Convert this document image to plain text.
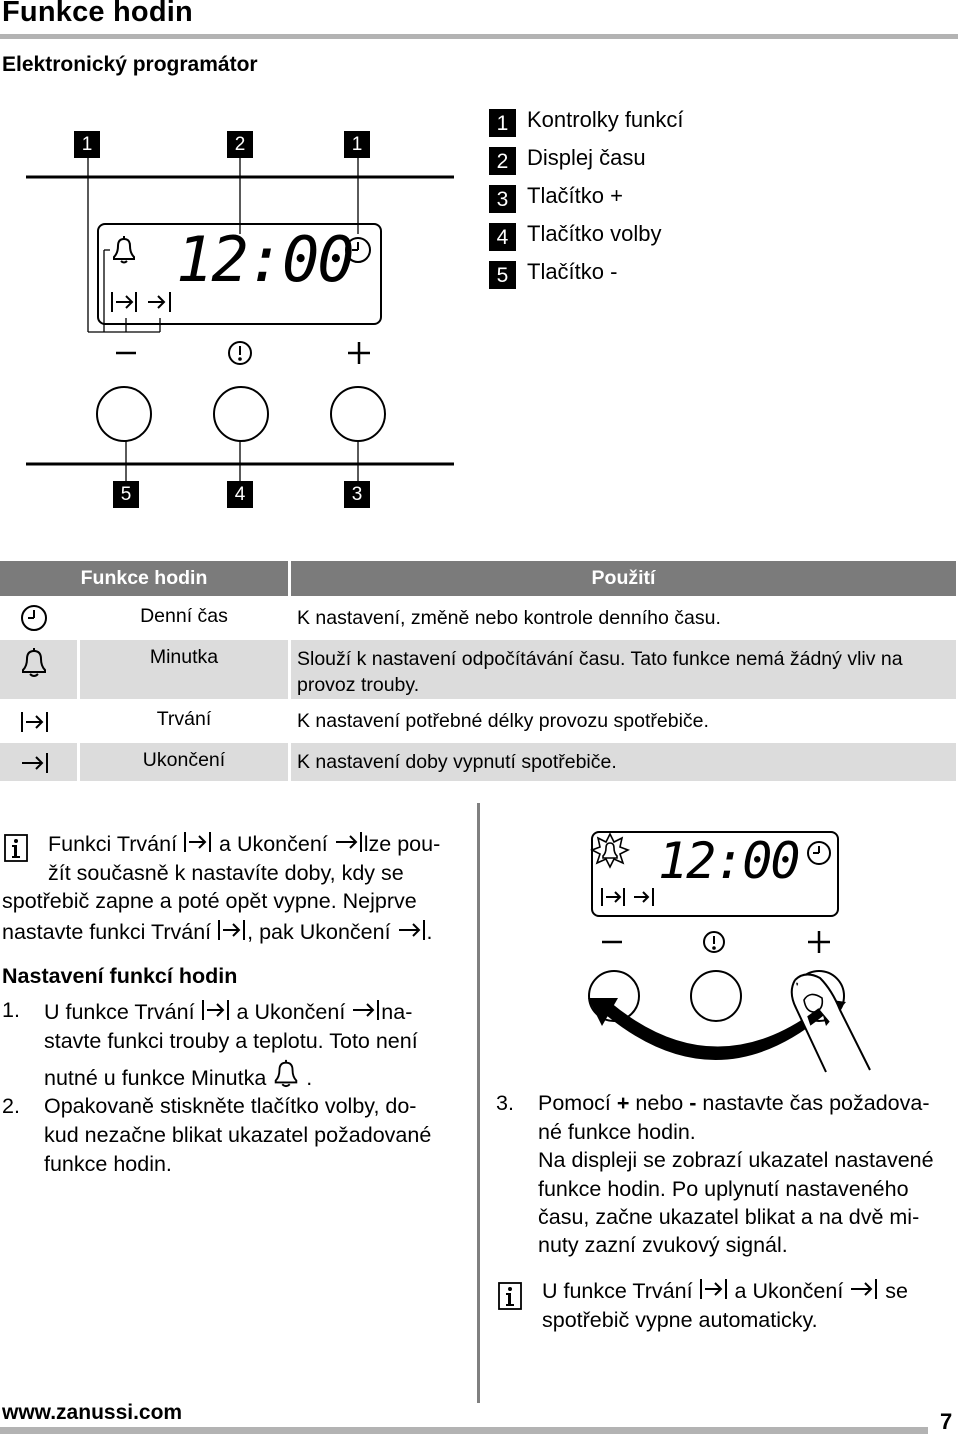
Funkce hodin
Elektronický programátor
12:00
1	2	1
5	4	3
1 Kontrolky funkcí
2 Displej času
3 Tlačítko +
4 Tlačítko volby
5 Tlačítko -
Funkce hodin	Použití
Denní čas	K nastavení, změně nebo kontrole denního času.
Minutka	Slouží k nastavení odpočítávání času. Tato funkce nemá žádný vliv na provoz trouby.
Trvání	K nastavení potřebné délky provozu spotřebiče.
Ukončení	K nastavení doby vypnutí spotřebiče.
Funkci Trvání a Ukončení lze pou-
žít současně k nastavíte doby, kdy se
spotřebič zapne a poté opět vypne. Nejprve
nastavte funkci Trvání , pak Ukončení .
Nastavení funkcí hodin
1. U funkce Trvání a Ukončení na-
stavte funkci trouby a teplotu. Toto není
nutné u funkce Minutka .
2. Opakovaně stiskněte tlačítko volby, do-
kud nezačne blikat ukazatel požadované
funkce hodin.
12:00
3. Pomocí + nebo - nastavte čas požadova-
né funkce hodin.
Na displeji se zobrazí ukazatel nastavené
funkce hodin. Po uplynutí nastaveného
času, začne ukazatel blikat a na dvě mi-
nuty zazní zvukový signál.
U funkce Trvání a Ukončení se
spotřebič vypne automaticky.
www.zanussi.com	7
